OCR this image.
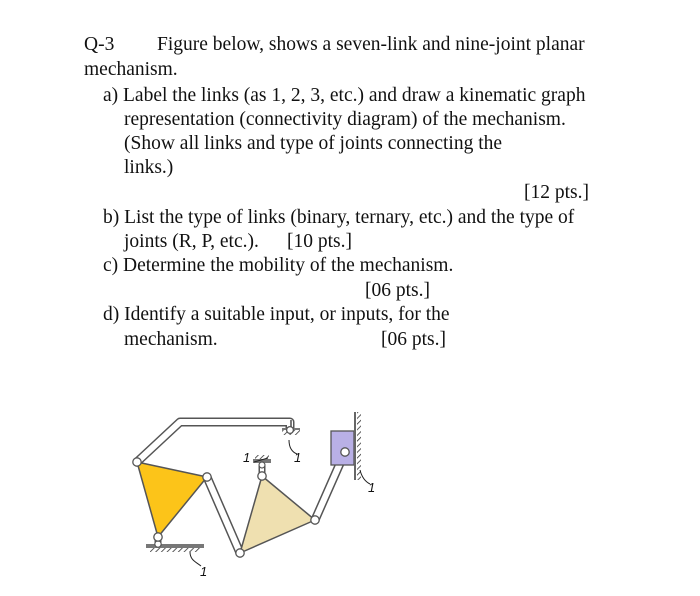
Q-3 Figure below, shows a seven-link and nine-joint planar
mechanism.
a) Label the links (as 1, 2, 3, etc.) and draw a kinematic graph
representation (connectivity diagram) of the mechanism.
(Show all links and type of joints connecting the
links.)
[12 pts.]
b) List the type of links (binary, ternary, etc.) and the type of
joints (R, P, etc.). [10 pts.]
c) Determine the mobility of the mechanism.
[06 pts.]
d) Identify a suitable input, or inputs, for the
mechanism.	[06 pts.]
1
1	1
1
